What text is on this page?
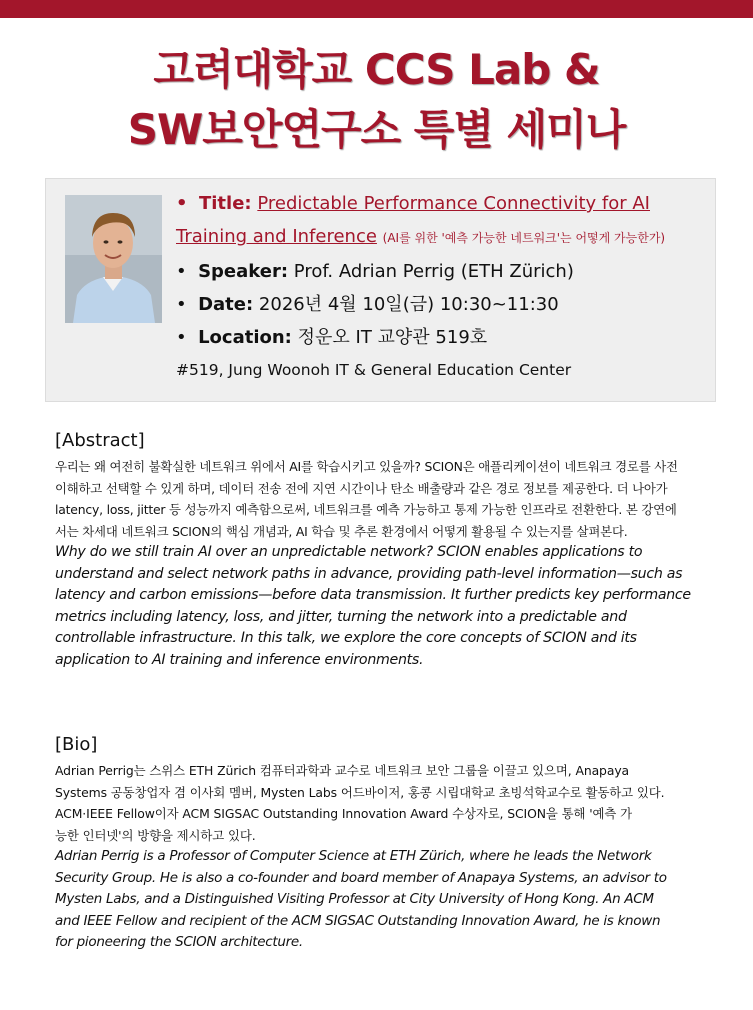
고려대학교 CCS Lab &
SW보안연구소 특별 세미나
• Title: Predictable Performance Connectivity for AI
Training and Inference (AI를 위한 '예측 가능한 네트워크'는 어떻게 가능한가)
• Speaker: Prof. Adrian Perrig (ETH Zürich)
• Date: 2026년 4월 10일(금) 10:30~11:30
• Location: 정운오 IT 교양관 519호
#519, Jung Woonoh IT & General Education Center
[Abstract]

우리는 왜 여전히 불확실한 네트워크 위에서 AI를 학습시키고 있을까? SCION은 애플리케이션이 네트워크 경로를 사전

이해하고 선택할 수 있게 하며, 데이터 전송 전에 지연 시간이나 탄소 배출량과 같은 경로 정보를 제공한다. 더 나아가

latency, loss, jitter 등 성능까지 예측함으로써, 네트워크를 예측 가능하고 통제 가능한 인프라로 전환한다. 본 강연에

서는 차세대 네트워크 SCION의 핵심 개념과, AI 학습 및 추론 환경에서 어떻게 활용될 수 있는지를 살펴본다.

Why do we still train AI over an unpredictable network? SCION enables applications to

understand and select network paths in advance, providing path-level information—such as

latency and carbon emissions—before data transmission. It further predicts key performance

metrics including latency, loss, and jitter, turning the network into a predictable and

controllable infrastructure. In this talk, we explore the core concepts of SCION and its

application to AI training and inference environments.

[Bio]

Adrian Perrig는 스위스 ETH Zürich 컴퓨터과학과 교수로 네트워크 보안 그룹을 이끌고 있으며, Anapaya

Systems 공동창업자 겸 이사회 멤버, Mysten Labs 어드바이저, 홍콩 시립대학교 초빙석학교수로 활동하고 있다.

ACM·IEEE Fellow이자 ACM SIGSAC Outstanding Innovation Award 수상자로, SCION을 통해 '예측 가

능한 인터넷'의 방향을 제시하고 있다.

Adrian Perrig is a Professor of Computer Science at ETH Zürich, where he leads the Network

Security Group. He is also a co-founder and board member of Anapaya Systems, an advisor to

Mysten Labs, and a Distinguished Visiting Professor at City University of Hong Kong. An ACM

and IEEE Fellow and recipient of the ACM SIGSAC Outstanding Innovation Award, he is known

for pioneering the SCION architecture.
